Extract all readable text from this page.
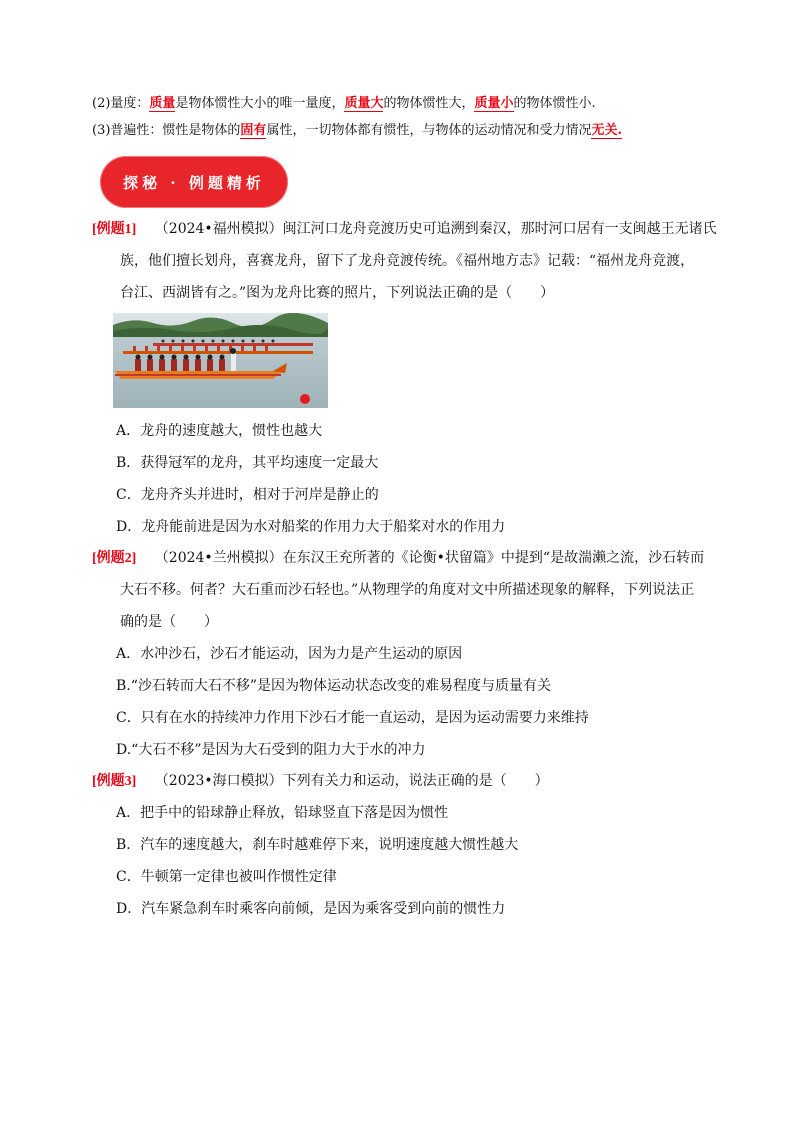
(2)量度：质量是物体惯性大小的唯一量度，质量大的物体惯性大，质量小的物体惯性小.
(3)普遍性：惯性是物体的固有属性，一切物体都有惯性，与物体的运动情况和受力情况无关.
探秘 · 例题精析
[例题1] （2024•福州模拟）闽江河口龙舟竞渡历史可追溯到秦汉，那时河口居有一支闽越王无诸氏
族，他们擅长划舟，喜赛龙舟，留下了龙舟竞渡传统。《福州地方志》记载：“福州龙舟竞渡，
台江、西湖皆有之。”图为龙舟比赛的照片，下列说法正确的是（　　）
A．龙舟的速度越大，惯性也越大
B．获得冠军的龙舟，其平均速度一定最大
C．龙舟齐头并进时，相对于河岸是静止的
D．龙舟能前进是因为水对船桨的作用力大于船桨对水的作用力
[例题2] （2024•兰州模拟）在东汉王充所著的《论衡•状留篇》中提到“是故湍濑之流，沙石转而
大石不移。何者？大石重而沙石轻也。”从物理学的角度对文中所描述现象的解释，下列说法正
确的是（　　）
A．水冲沙石，沙石才能运动，因为力是产生运动的原因
B.“沙石转而大石不移”是因为物体运动状态改变的难易程度与质量有关
C．只有在水的持续冲力作用下沙石才能一直运动，是因为运动需要力来维持
D.“大石不移”是因为大石受到的阻力大于水的冲力
[例题3] （2023•海口模拟）下列有关力和运动，说法正确的是（　　）
A．把手中的铅球静止释放，铅球竖直下落是因为惯性
B．汽车的速度越大，刹车时越难停下来，说明速度越大惯性越大
C．牛顿第一定律也被叫作惯性定律
D．汽车紧急刹车时乘客向前倾，是因为乘客受到向前的惯性力
